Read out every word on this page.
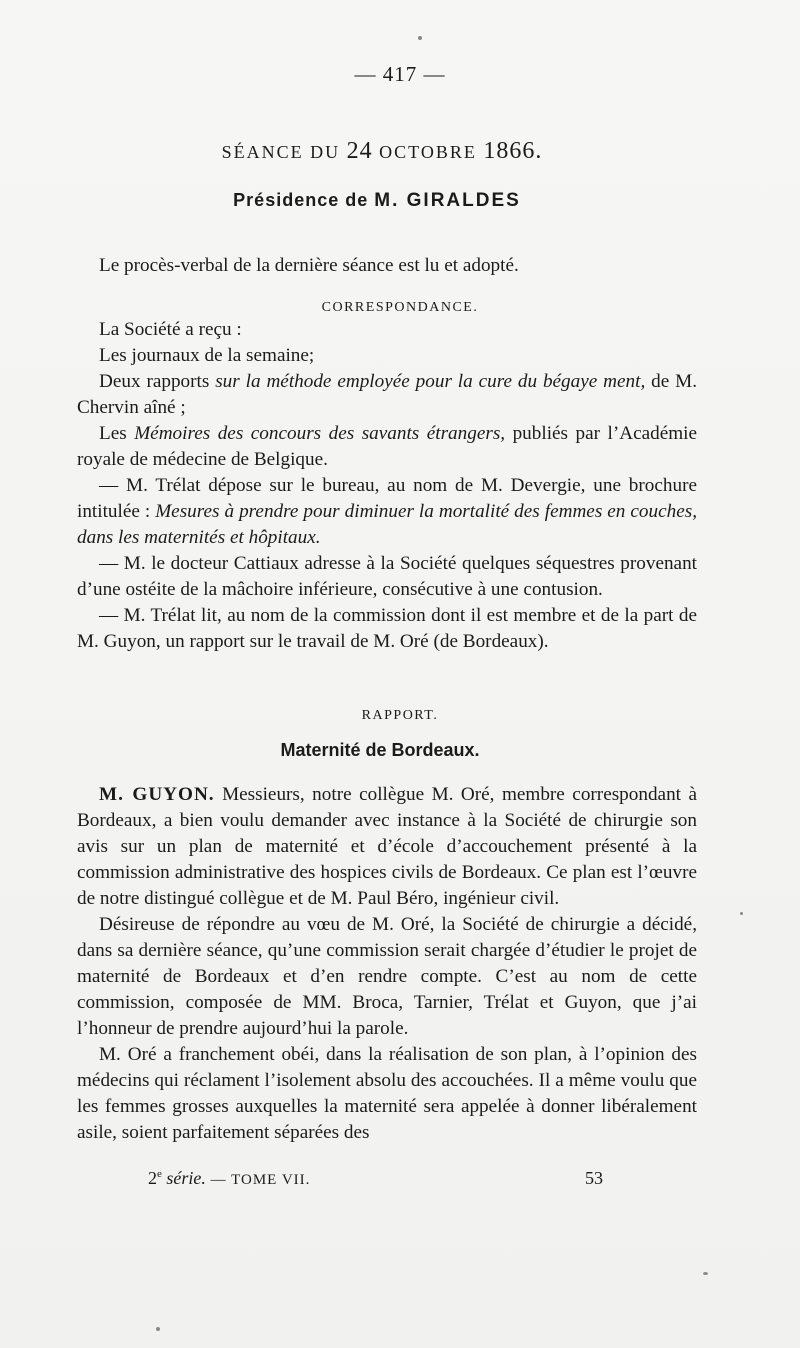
— 417 —
SÉANCE DU 24 OCTOBRE 1866.
Présidence de M. GIRALDES

Le procès-verbal de la dernière séance est lu et adopté.

CORRESPONDANCE.

La Société a reçu :

Les journaux de la semaine;

Deux rapports sur la méthode employée pour la cure du bégaye ment, de M. Chervin aîné ;

Les Mémoires des concours des savants étrangers, publiés par l’Académie royale de médecine de Belgique.

— M. Trélat dépose sur le bureau, au nom de M. Devergie, une brochure intitulée : Mesures à prendre pour diminuer la mortalité des femmes en couches, dans les maternités et hôpitaux.

— M. le docteur Cattiaux adresse à la Société quelques séquestres provenant d’une ostéite de la mâchoire inférieure, consécutive à une contusion.

— M. Trélat lit, au nom de la commission dont il est membre et de la part de M. Guyon, un rapport sur le travail de M. Oré (de Bordeaux).

RAPPORT.
Maternité de Bordeaux.

M. GUYON. Messieurs, notre collègue M. Oré, membre correspondant à Bordeaux, a bien voulu demander avec instance à la Société de chirurgie son avis sur un plan de maternité et d’école d’accouchement présenté à la commission administrative des hospices civils de Bordeaux. Ce plan est l’œuvre de notre distingué collègue et de M. Paul Béro, ingénieur civil.

Désireuse de répondre au vœu de M. Oré, la Société de chirurgie a décidé, dans sa dernière séance, qu’une commission serait chargée d’étudier le projet de maternité de Bordeaux et d’en rendre compte. C’est au nom de cette commission, composée de MM. Broca, Tarnier, Trélat et Guyon, que j’ai l’honneur de prendre aujourd’hui la parole.

M. Oré a franchement obéi, dans la réalisation de son plan, à l’opinion des médecins qui réclament l’isolement absolu des accouchées. Il a même voulu que les femmes grosses auxquelles la maternité sera appelée à donner libéralement asile, soient parfaitement séparées des

2e série. — TOME VII.	53
